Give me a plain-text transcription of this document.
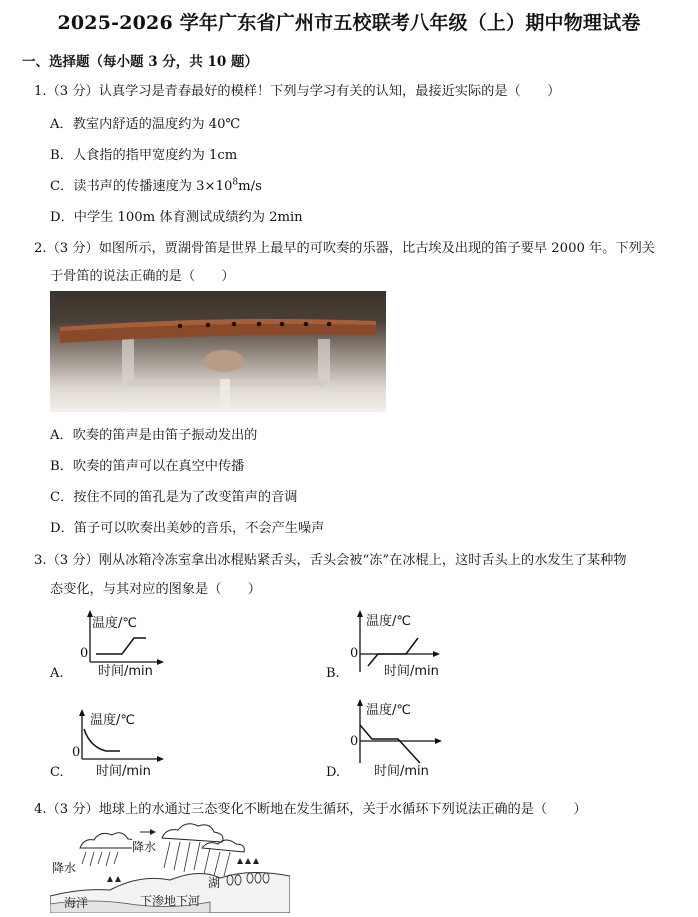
2025-2026 学年广东省广州市五校联考八年级（上）期中物理试卷
一、选择题（每小题 3 分，共 10 题）
1.（3 分）认真学习是青春最好的模样！下列与学习有关的认知，最接近实际的是（　　）
A．教室内舒适的温度约为 40℃
B．人食指的指甲宽度约为 1cm
C．读书声的传播速度为 $3\times 10^8m/s$
D．中学生 100m 体育测试成绩约为 2min
2.（3 分）如图所示，贾湖骨笛是世界上最早的可吹奏的乐器，比古埃及出现的笛子要早 2000 年。下列关
于骨笛的说法正确的是（　　）
A．吹奏的笛声是由笛子振动发出的
B．吹奏的笛声可以在真空中传播
C．按住不同的笛孔是为了改变笛声的音调
D．笛子可以吹奏出美妙的音乐，不会产生噪声
3.（3 分）刚从冰箱冷冻室拿出冰棍贴紧舌头，舌头会被“冻”在冰棍上，这时舌头上的水发生了某种物
态变化，与其对应的图象是（　　）
温度/℃
0
时间/min
A.
温度/℃
0
时间/min
B.
温度/℃
0
时间/min
C.
温度/℃
0
时间/min
D.
4.（3 分）地球上的水通过三态变化不断地在发生循环，关于水循环下列说法正确的是（　　）
降水
降水
湖
海洋	下渗地下河
